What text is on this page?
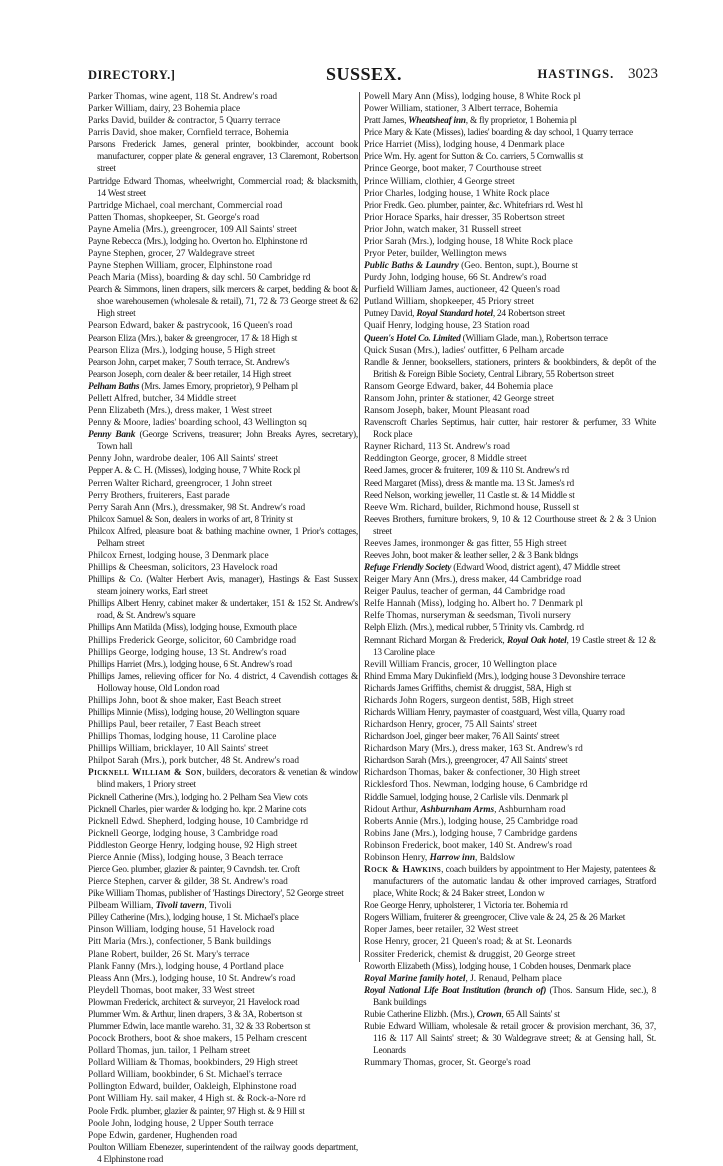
DIRECTORY.]	SUSSEX.	HASTINGS. 3023

Parker Thomas, wine agent, 118 St. Andrew's road

Parker William, dairy, 23 Bohemia place

Parks David, builder & contractor, 5 Quarry terrace

Parris David, shoe maker, Cornfield terrace, Bohemia

Parsons Frederick James, general printer, bookbinder, account book manufacturer, copper plate & general engraver, 13 Claremont, Robertson street

Partridge Edward Thomas, wheelwright, Commercial road; & blacksmith, 14 West street

Partridge Michael, coal merchant, Commercial road

Patten Thomas, shopkeeper, St. George's road

Payne Amelia (Mrs.), greengrocer, 109 All Saints' street

Payne Rebecca (Mrs.), lodging ho. Overton ho. Elphinstone rd

Payne Stephen, grocer, 27 Waldegrave street

Payne Stephen William, grocer, Elphinstone road

Peach Maria (Miss), boarding & day schl. 50 Cambridge rd

Pearch & Simmons, linen drapers, silk mercers & carpet, bedding & boot & shoe warehousemen (wholesale & retail), 71, 72 & 73 George street & 62 High street

Pearson Edward, baker & pastrycook, 16 Queen's road

Pearson Eliza (Mrs.), baker & greengrocer, 17 & 18 High st

Pearson Eliza (Mrs.), lodging house, 5 High street

Pearson John, carpet maker, 7 South terrace, St. Andrew's

Pearson Joseph, corn dealer & beer retailer, 14 High street

Pelham Baths (Mrs. James Emory, proprietor), 9 Pelham pl

Pellett Alfred, butcher, 34 Middle street

Penn Elizabeth (Mrs.), dress maker, 1 West street

Penny & Moore, ladies' boarding school, 43 Wellington sq

Penny Bank (George Scrivens, treasurer; John Breaks Ayres, secretary), Town hall

Penny John, wardrobe dealer, 106 All Saints' street

Pepper A. & C. H. (Misses), lodging house, 7 White Rock pl

Perren Walter Richard, greengrocer, 1 John street

Perry Brothers, fruiterers, East parade

Perry Sarah Ann (Mrs.), dressmaker, 98 St. Andrew's road

Philcox Samuel & Son, dealers in works of art, 8 Trinity st

Philcox Alfred, pleasure boat & bathing machine owner, 1 Prior's cottages, Pelham street

Philcox Ernest, lodging house, 3 Denmark place

Phillips & Cheesman, solicitors, 23 Havelock road

Phillips & Co. (Walter Herbert Avis, manager), Hastings & East Sussex steam joinery works, Earl street

Phillips Albert Henry, cabinet maker & undertaker, 151 & 152 St. Andrew's road, & St. Andrew's square

Phillips Ann Matilda (Miss), lodging house, Exmouth place

Phillips Frederick George, solicitor, 60 Cambridge road

Phillips George, lodging house, 13 St. Andrew's road

Phillips Harriet (Mrs.), lodging house, 6 St. Andrew's road

Phillips James, relieving officer for No. 4 district, 4 Cavendish cottages & Holloway house, Old London road

Phillips John, boot & shoe maker, East Beach street

Phillips Minnie (Miss), lodging house, 20 Wellington square

Phillips Paul, beer retailer, 7 East Beach street

Phillips Thomas, lodging house, 11 Caroline place

Phillips William, bricklayer, 10 All Saints' street

Philpot Sarah (Mrs.), pork butcher, 48 St. Andrew's road

Picknell William & Son, builders, decorators & venetian & window blind makers, 1 Priory street

Picknell Catherine (Mrs.), lodging ho. 2 Pelham Sea View cots

Picknell Charles, pier warder & lodging ho. kpr. 2 Marine cots

Picknell Edwd. Shepherd, lodging house, 10 Cambridge rd

Picknell George, lodging house, 3 Cambridge road

Piddleston George Henry, lodging house, 92 High street

Pierce Annie (Miss), lodging house, 3 Beach terrace

Pierce Geo. plumber, glazier & painter, 9 Cavndsh. ter. Croft

Pierce Stephen, carver & gilder, 38 St. Andrew's road

Pike William Thomas, publisher of 'Hastings Directory', 52 George street

Pilbeam William, Tivoli tavern, Tivoli

Pilley Catherine (Mrs.), lodging house, 1 St. Michael's place

Pinson William, lodging house, 51 Havelock road

Pitt Maria (Mrs.), confectioner, 5 Bank buildings

Plane Robert, builder, 26 St. Mary's terrace

Plank Fanny (Mrs.), lodging house, 4 Portland place

Pleass Ann (Mrs.), lodging house, 10 St. Andrew's road

Pleydell Thomas, boot maker, 33 West street

Plowman Frederick, architect & surveyor, 21 Havelock road

Plummer Wm. & Arthur, linen drapers, 3 & 3A, Robertson st

Plummer Edwin, lace mantle wareho. 31, 32 & 33 Robertson st

Pocock Brothers, boot & shoe makers, 15 Pelham crescent

Pollard Thomas, jun. tailor, 1 Pelham street

Pollard William & Thomas, bookbinders, 29 High street

Pollard William, bookbinder, 6 St. Michael's terrace

Pollington Edward, builder, Oakleigh, Elphinstone road

Pont William Hy. sail maker, 4 High st. & Rock-a-Nore rd

Poole Frdk. plumber, glazier & painter, 97 High st. & 9 Hill st

Poole John, lodging house, 2 Upper South terrace

Pope Edwin, gardener, Hughenden road

Poulton William Ebenezer, superintendent of the railway goods department, 4 Elphinstone road

Powell Mary Ann (Miss), lodging house, 8 White Rock pl

Power William, stationer, 3 Albert terrace, Bohemia

Pratt James, Wheatsheaf inn, & fly proprietor, 1 Bohemia pl

Price Mary & Kate (Misses), ladies' boarding & day school, 1 Quarry terrace

Price Harriet (Miss), lodging house, 4 Denmark place

Price Wm. Hy. agent for Sutton & Co. carriers, 5 Cornwallis st

Prince George, boot maker, 7 Courthouse street

Prince William, clothier, 4 George street

Prior Charles, lodging house, 1 White Rock place

Prior Fredk. Geo. plumber, painter, &c. Whitefriars rd. West hl

Prior Horace Sparks, hair dresser, 35 Robertson street

Prior John, watch maker, 31 Russell street

Prior Sarah (Mrs.), lodging house, 18 White Rock place

Pryor Peter, builder, Wellington mews

Public Baths & Laundry (Geo. Benton, supt.), Bourne st

Purdy John, lodging house, 66 St. Andrew's road

Purfield William James, auctioneer, 42 Queen's road

Putland William, shopkeeper, 45 Priory street

Putney David, Royal Standard hotel, 24 Robertson street

Quaif Henry, lodging house, 23 Station road

Queen's Hotel Co. Limited (William Glade, man.), Robertson terrace

Quick Susan (Mrs.), ladies' outfitter, 6 Pelham arcade

Randle & Jenner, booksellers, stationers, printers & bookbinders, & depôt of the British & Foreign Bible Society, Central Library, 55 Robertson street

Ransom George Edward, baker, 44 Bohemia place

Ransom John, printer & stationer, 42 George street

Ransom Joseph, baker, Mount Pleasant road

Ravenscroft Charles Septimus, hair cutter, hair restorer & perfumer, 33 White Rock place

Rayner Richard, 113 St. Andrew's road

Reddington George, grocer, 8 Middle street

Reed James, grocer & fruiterer, 109 & 110 St. Andrew's rd

Reed Margaret (Miss), dress & mantle ma. 13 St. James's rd

Reed Nelson, working jeweller, 11 Castle st. & 14 Middle st

Reeve Wm. Richard, builder, Richmond house, Russell st

Reeves Brothers, furniture brokers, 9, 10 & 12 Courthouse street & 2 & 3 Union street

Reeves James, ironmonger & gas fitter, 55 High street

Reeves John, boot maker & leather seller, 2 & 3 Bank bldngs

Refuge Friendly Society (Edward Wood, district agent), 47 Middle street

Reiger Mary Ann (Mrs.), dress maker, 44 Cambridge road

Reiger Paulus, teacher of german, 44 Cambridge road

Relfe Hannah (Miss), lodging ho. Albert ho. 7 Denmark pl

Relfe Thomas, nurseryman & seedsman, Tivoli nursery

Relph Elizh. (Mrs.), medical rubber, 5 Trinity vls. Cambrdg. rd

Remnant Richard Morgan & Frederick, Royal Oak hotel, 19 Castle street & 12 & 13 Caroline place

Revill William Francis, grocer, 10 Wellington place

Rhind Emma Mary Dukinfield (Mrs.), lodging house 3 Devonshire terrace

Richards James Griffiths, chemist & druggist, 58A, High st

Richards John Rogers, surgeon dentist, 58B, High street

Richards William Henry, paymaster of coastguard, West villa, Quarry road

Richardson Henry, grocer, 75 All Saints' street

Richardson Joel, ginger beer maker, 76 All Saints' street

Richardson Mary (Mrs.), dress maker, 163 St. Andrew's rd

Richardson Sarah (Mrs.), greengrocer, 47 All Saints' street

Richardson Thomas, baker & confectioner, 30 High street

Ricklesford Thos. Newman, lodging house, 6 Cambridge rd

Riddle Samuel, lodging house, 2 Carlisle vils. Denmark pl

Ridout Arthur, Ashburnham Arms, Ashburnham road

Roberts Annie (Mrs.), lodging house, 25 Cambridge road

Robins Jane (Mrs.), lodging house, 7 Cambridge gardens

Robinson Frederick, boot maker, 140 St. Andrew's road

Robinson Henry, Harrow inn, Baldslow

Rock & Hawkins, coach builders by appointment to Her Majesty, patentees & manufacturers of the automatic landau & other improved carriages, Stratford place, White Rock; & 24 Baker street, London w

Roe George Henry, upholsterer, 1 Victoria ter. Bohemia rd

Rogers William, fruiterer & greengrocer, Clive vale & 24, 25 & 26 Market

Roper James, beer retailer, 32 West street

Rose Henry, grocer, 21 Queen's road; & at St. Leonards

Rossiter Frederick, chemist & druggist, 20 George street

Roworth Elizabeth (Miss), lodging house, 1 Cobden houses, Denmark place

Royal Marine family hotel, J. Renaud, Pelham place

Royal National Life Boat Institution (branch of) (Thos. Sansum Hide, sec.), 8 Bank buildings

Rubie Catherine Elizbh. (Mrs.), Crown, 65 All Saints' st

Rubie Edward William, wholesale & retail grocer & provision merchant, 36, 37, 116 & 117 All Saints' street; & 30 Waldegrave street; & at Gensing hall, St. Leonards

Rummary Thomas, grocer, St. George's road
